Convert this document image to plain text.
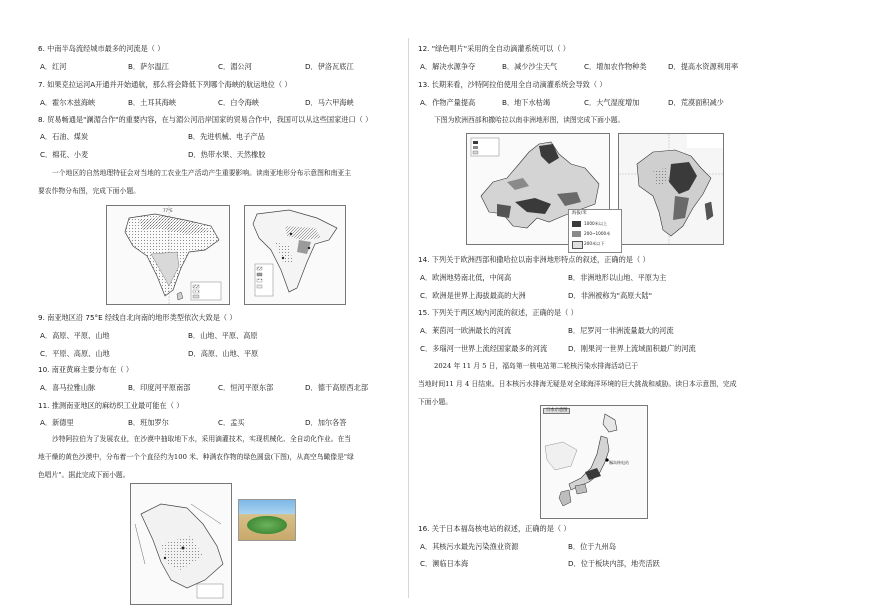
6. 中南半岛流经城市最多的河流是（ ）
A．红河	B．萨尔温江	C．湄公河	D．伊洛瓦底江
7. 如果克拉运河A开通并开始通航，那么将会降低下列哪个海峡的航运地位（ ）
A．霍尔木兹海峡	B．土耳其海峡	C．白令海峡	D．马六甲海峡
8. 贸易畅通是"澜湄合作"的重要内容，在与湄公河沿岸国家的贸易合作中，我国可以从这些国家进口（ ）
A．石油、煤炭	B．先进机械、电子产品
C．棉花、小麦	D．热带水果、天然橡胶
一个地区的自然地理特征会对当地的工农业生产活动产生重要影响。读南亚地形分布示意图和南亚主
要农作物分布图，完成下面小题。
77°E
9. 南亚地区沿 75°E 经线自北向南的地形类型依次大致是（ ）
A．高原、平原、山地	B．山地、平原、高原
C．平原、高原、山地	D．高原、山地、平原
10. 南亚黄麻主要分布在（ ）
A．喜马拉雅山脉	B．印度河平原南部	C．恒河平原东部	D．德干高原西北部
11. 推测南亚地区的麻纺织工业最可能在（ ）
A．新德里	B．班加罗尔	C．孟买	D．加尔各答
沙特阿拉伯为了发展农业，在沙漠中抽取地下水，采用滴灌技术，实现机械化、全自动化作业。在当
地干燥的黄色沙漠中，分布着一个个直径约为100 米、种满农作物的绿色圆盘(下图)，从高空鸟瞰像是"绿
色唱片"。据此完成下面小题。
12. "绿色唱片"采用的全自动滴灌系统可以（ ）
A．解决水源争夺	B．减少沙尘天气	C．增加农作物种类	D．提高水资源利用率
13. 长期来看，沙特阿拉伯使用全自动滴灌系统会导致（ ）
A．作物产量提高	B．地下水枯竭	C．大气湿度增加	D．荒漠面积减少
下图为欧洲西部和撒哈拉以南非洲地形图，读图完成下面小题。
海拔/米
1000米以上
200~1000米
200米以下
14. 下列关于欧洲西部和撒哈拉以南非洲地形特点的叙述，正确的是（ ）
A．欧洲地势南北低，中间高	B．非洲地形以山地、平原为主
C．欧洲是世界上海拔最高的大洲	D．非洲被称为"高原大陆"
15. 下列关于两区域内河流的叙述，正确的是（ ）
A．莱茵河一欧洲最长的河流	B．尼罗河一非洲流量最大的河流
C．多瑙河一世界上流经国家最多的河流	D．刚果河一世界上流域面积最广的河流
2024 年 11 月 5 日，福岛第一核电站第二轮核污染水排海活动已于
当地时间11 月 4 日结束。日本核污水排海无疑是对全球海洋环境的巨大挑战和威胁。读日本示意图，完成
下面小题。
日本示意图
福岛核电站
16. 关于日本福岛核电站的叙述，正确的是（ ）
A．其核污水最先污染渔业资源	B．位于九州岛
C．濒临日本海	D．位于板块内部，地壳活跃
